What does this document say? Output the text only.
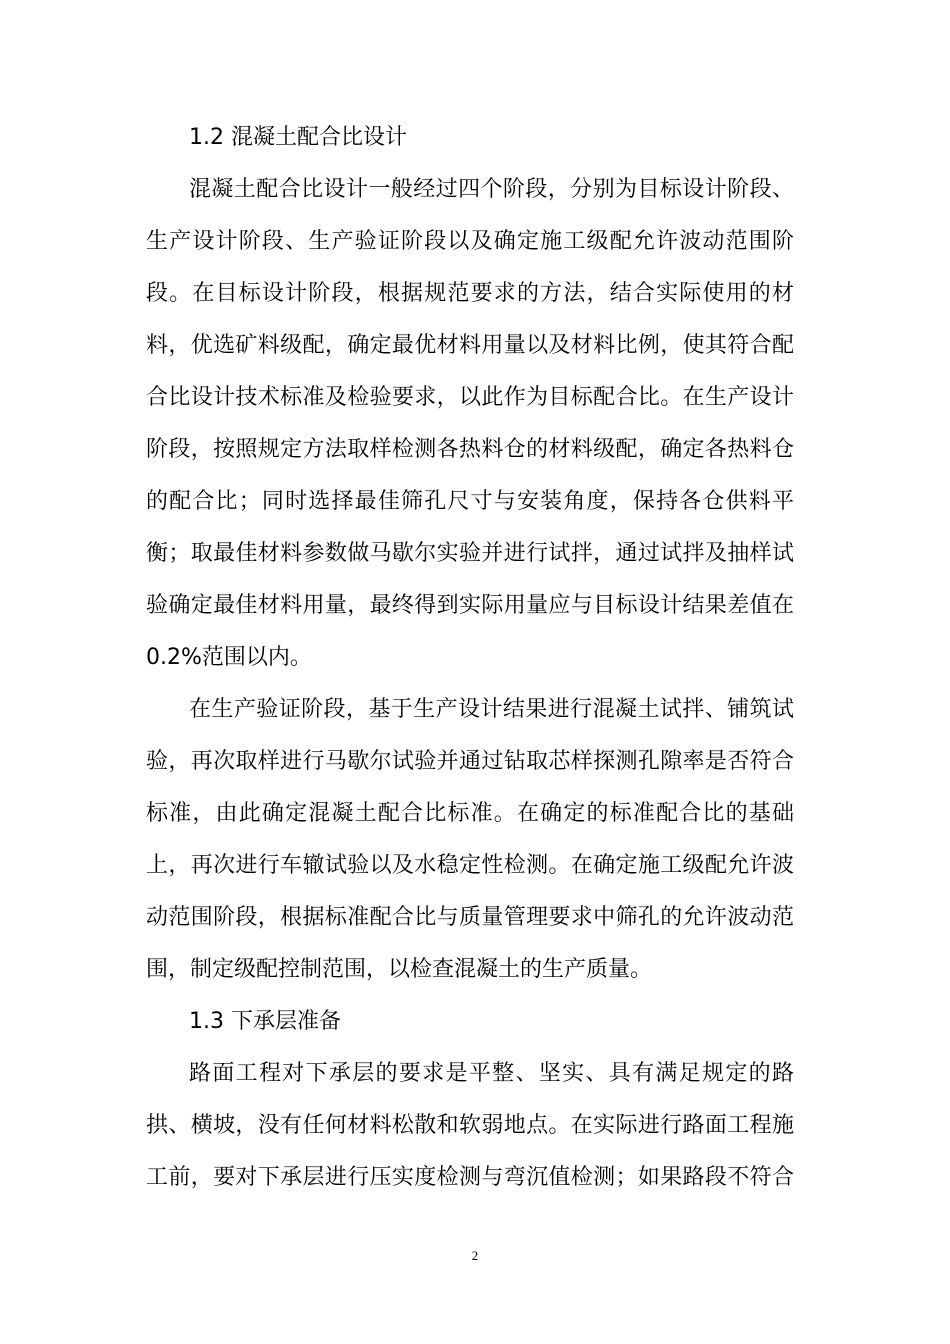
1.2 混凝土配合比设计
混凝土配合比设计一般经过四个阶段，分别为目标设计阶段、
生产设计阶段、生产验证阶段以及确定施工级配允许波动范围阶
段。在目标设计阶段，根据规范要求的方法，结合实际使用的材
料，优选矿料级配，确定最优材料用量以及材料比例，使其符合配
合比设计技术标准及检验要求，以此作为目标配合比。在生产设计
阶段，按照规定方法取样检测各热料仓的材料级配，确定各热料仓
的配合比；同时选择最佳筛孔尺寸与安装角度，保持各仓供料平
衡；取最佳材料参数做马歇尔实验并进行试拌，通过试拌及抽样试
验确定最佳材料用量，最终得到实际用量应与目标设计结果差值在
0.2%范围以内。
在生产验证阶段，基于生产设计结果进行混凝土试拌、铺筑试
验，再次取样进行马歇尔试验并通过钻取芯样探测孔隙率是否符合
标准，由此确定混凝土配合比标准。在确定的标准配合比的基础
上，再次进行车辙试验以及水稳定性检测。在确定施工级配允许波
动范围阶段，根据标准配合比与质量管理要求中筛孔的允许波动范
围，制定级配控制范围，以检查混凝土的生产质量。
1.3 下承层准备
路面工程对下承层的要求是平整、坚实、具有满足规定的路
拱、横坡，没有任何材料松散和软弱地点。在实际进行路面工程施
工前，要对下承层进行压实度检测与弯沉值检测；如果路段不符合
2
